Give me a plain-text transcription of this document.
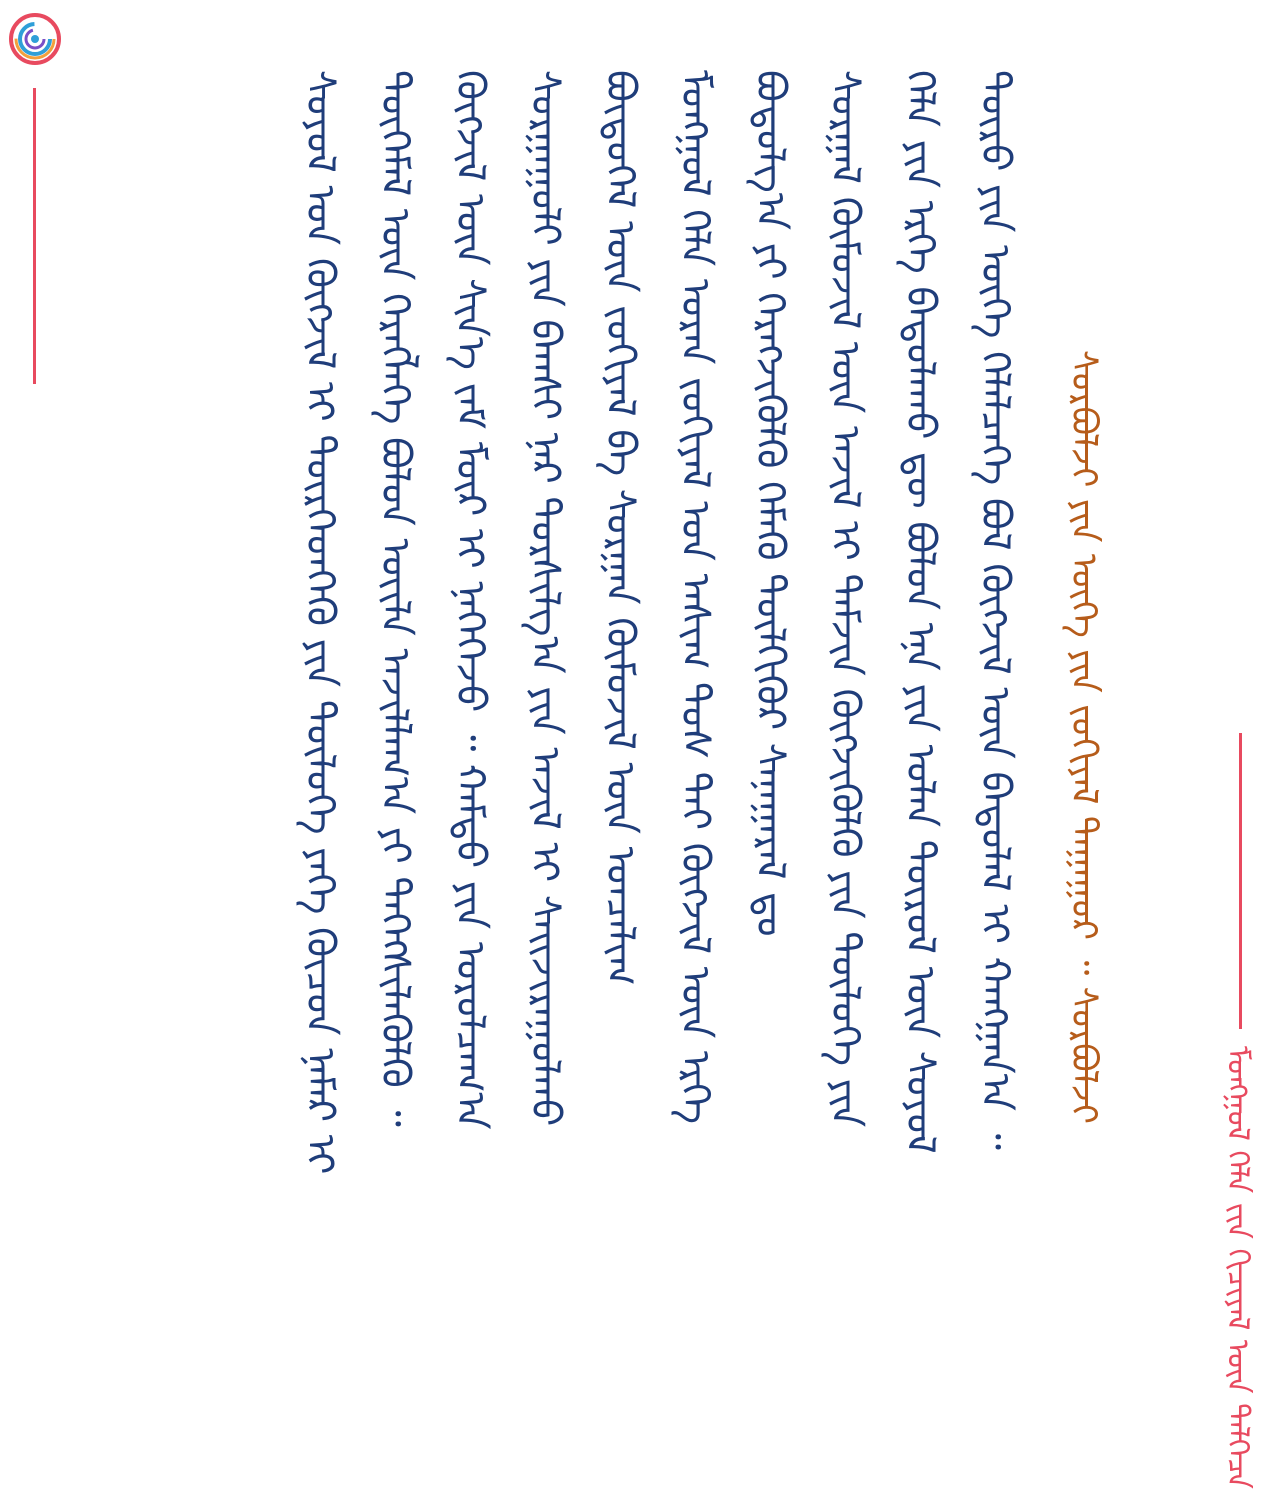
ᠮᠣᠩᠭᠣᠯ ᠬᠡᠯᠡ ᠵᠢᠨ ᠬᠢᠴᠢᠶᠡᠯ ᠦᠨ ᠳᠡᠯᠭᠡᠴᠡ
ᠰᠣᠷᠪᠤᠯᠵᠢ ᠶᠢᠨ ᠦᠭᠡ ᠶᠢᠨ ᠵᠣᠬᠢᠶᠠᠯ ᠳᠠᠭᠠᠭᠤᠷ ᠃ ᠰᠣᠷᠪᠤᠯᠵᠢ
ᠲᠦᠷᠦ ᠶᠢᠨ ᠦᠭᠡ ᠬᠡᠯᠡᠯᠴᠡᠭᠡ ᠪᠣᠯ ᠬᠥᠭᠵᠢᠯ ᠦᠨ ᠪᠠᠳᠤᠯᠠᠯ ᠢ ᠬᠠᠩᠭᠠᠨ᠎ᠠ ᠃
ᠬᠡᠯᠡ ᠶᠢᠨ ᠡᠷᠬᠡ ᠪᠠᠲᠤᠯᠠᠬᠤ ᠳᠦ ᠪᠣᠯᠤᠨ ᠡᠨᠡ ᠶᠢᠨ ᠣᠯᠠᠨ ᠲᠥᠷᠦᠯ ᠦᠨ ᠰᠣᠶᠣᠯ
ᠰᠤᠷᠭᠠᠯ ᠬᠦᠮᠦᠵᠢᠯ ᠦᠨ ᠠᠵᠢᠯ ᠢ ᠳᠡᠮᠵᠢᠨ ᠬᠥᠭᠵᠢᠭᠦᠯᠬᠦ ᠶᠢᠨ ᠳᠥᠯᠦᠭᠡ ᠶᠢᠨ
ᠪᠣᠳᠣᠯᠭ᠎ᠠ ᠶᠢ ᠬᠡᠷᠡᠭᠵᠢᠭᠦᠯᠬᠦ ᠬᠡᠮᠡᠬᠦ ᠲᠦᠯᠬᠢᠭᠦᠷ ᠰᠠᠨᠠᠭᠠᠷᠠᠯ ᠳᠤ
ᠮᠣᠩᠭᠣᠯ ᠬᠡᠯᠡ ᠤᠷᠠᠨ ᠵᠣᠬᠢᠶᠠᠯ ᠤᠨ ᠠᠰᠢᠭ ᠲᠤᠰ ᠲᠠᠢ ᠬᠥᠭᠵᠢᠯ ᠦᠨ ᠡᠷᠭᠡ
ᠪᠦᠲᠦᠭᠡᠯ ᠦᠨ ᠵᠣᠬᠢᠶᠠᠯ ᠪᠠ ᠰᠤᠷᠭᠠᠨ ᠬᠦᠮᠦᠵᠢᠯ ᠦᠨ ᠣᠨᠴᠠᠯᠢᠭ
ᠰᠤᠷᠭᠠᠭᠤᠯᠢ ᠶᠢᠨ ᠪᠠᠭᠰᠢ ᠨᠠᠷ ᠲᠤᠷᠰᠢᠯᠭ᠎ᠠ ᠶᠢᠨ ᠠᠵᠢᠯ ᠢ ᠰᠠᠢᠵᠢᠷᠠᠭᠤᠯᠬᠤ
ᠬᠥᠭᠵᠢᠯ ᠦᠨ ᠰᠢᠨ᠎ᠡ ᠵᠠᠮ ᠮᠥᠷ ᠢ ᠨᠡᠭᠡᠭᠡᠵᠦ ᠃ ᠬᠠᠮᠲᠤ ᠶᠢᠨ ᠣᠷᠣᠯᠴᠠᠭ᠎ᠠ
ᠲᠦᠭᠡᠮᠡᠯ ᠦᠨ ᠬᠡᠷᠡᠭᠯᠡᠭᠡ ᠪᠣᠯᠤᠨ ᠦᠢᠯᠡ ᠠᠵᠢᠯᠯᠠᠭ᠎ᠠ ᠶᠢ ᠳᠡᠭᠡᠭᠰᠢᠯᠡᠭᠦᠯᠬᠦ ᠃
ᠰᠣᠶᠣᠯ ᠤᠨ ᠬᠥᠭᠵᠢᠯ ᠢ ᠲᠦᠷᠭᠡᠳᠭᠡᠬᠦ ᠶᠢᠨ ᠲᠥᠯᠦᠭᠡ ᠶᠡᠬᠡ ᠬᠦᠴᠦᠨ ᠨᠡᠮᠡᠷ ᠢ
